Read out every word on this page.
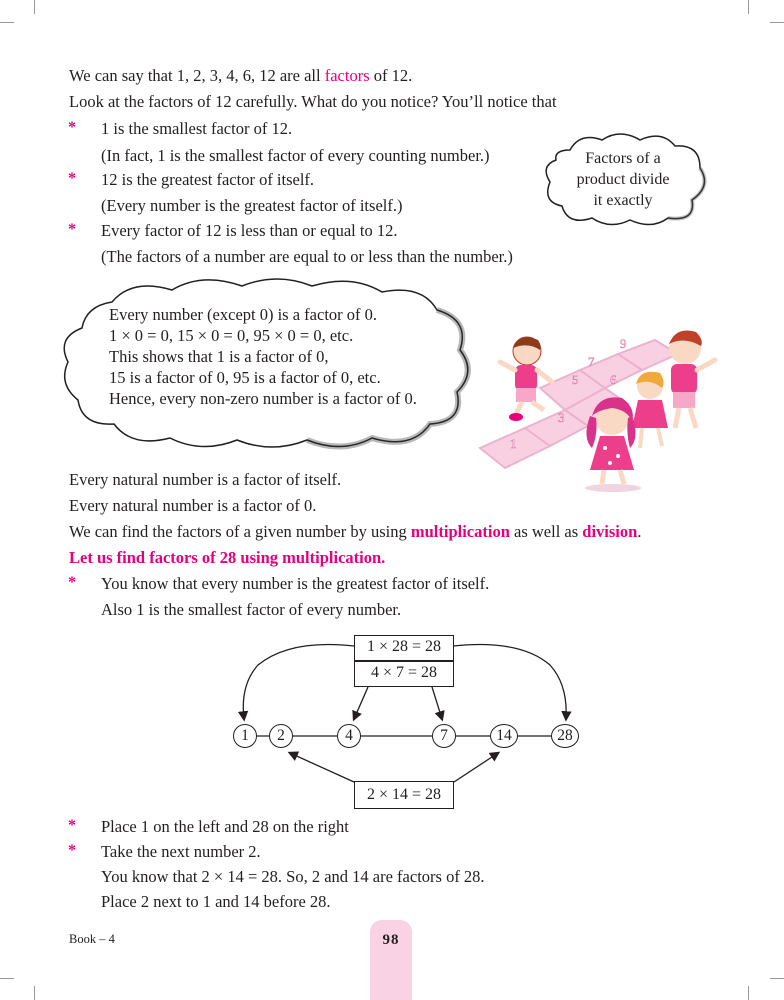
We can say that 1, 2, 3, 4, 6, 12 are all factors of 12.
Look at the factors of 12 carefully. What do you notice? You’ll notice that
* 1 is the smallest factor of 12.
(In fact, 1 is the smallest factor of every counting number.)
* 12 is the greatest factor of itself.
(Every number is the greatest factor of itself.)
* Every factor of 12 is less than or equal to 12.
(The factors of a number are equal to or less than the number.)
Factors of a
product divide
it exactly
Every number (except 0) is a factor of 0.
1 × 0 = 0, 15 × 0 = 0, 95 × 0 = 0, etc.
This shows that 1 is a factor of 0,
15 is a factor of 0, 95 is a factor of 0, etc.
Hence, every non-zero number is a factor of 0.
9
7
6
5
3
1
Every natural number is a factor of itself.
Every natural number is a factor of 0.
We can find the factors of a given number by using multiplication as well as division.
Let us find factors of 28 using multiplication.
* You know that every number is the greatest factor of itself.
Also 1 is the smallest factor of every number.
1 × 28 = 28
4 × 7 = 28
2 × 14 = 28
1	2	4	7	14	28
* Place 1 on the left and 28 on the right
* Take the next number 2.
You know that 2 × 14 = 28. So, 2 and 14 are factors of 28.
Place 2 next to 1 and 14 before 28.
Book – 4	98
